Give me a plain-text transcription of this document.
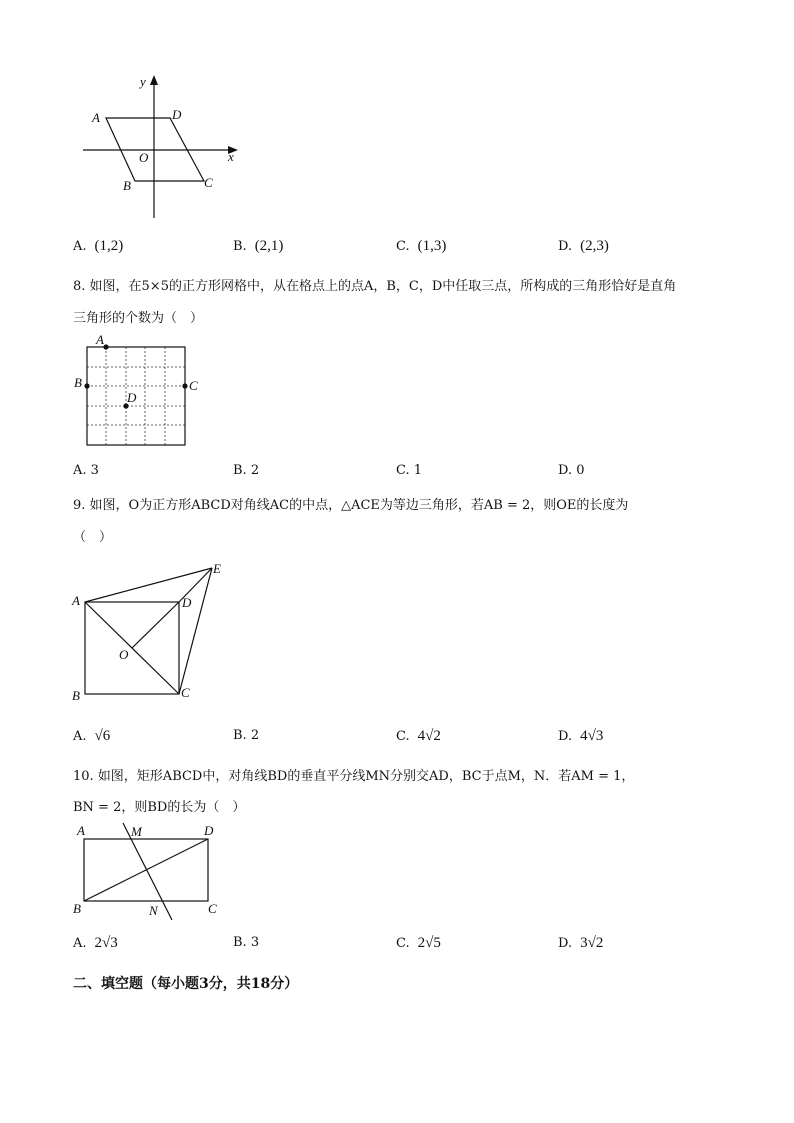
y
x
A	D
O
B	C
A. (1,2)	B. (2,1)	C. (1,3)	D. (2,3)
8. 如图，在5×5的正方形网格中，从在格点上的点A，B，C，D中任取三点，所构成的三角形恰好是直角
三角形的个数为（　）
A
B	C
D
A. 3	B. 2	C. 1	D. 0
9. 如图，O为正方形ABCD对角线AC的中点，△ACE为等边三角形，若AB = 2，则OE的长度为
（　）
A	D
E
O
B	C
A. √6	B. 2	C. 4√2	D. 4√3
10. 如图，矩形ABCD中，对角线BD的垂直平分线MN分别交AD，BC于点M，N．若AM = 1，
BN = 2，则BD的长为（　）
A	M	D
B	N	C
A. 2√3	B. 3	C. 2√5	D. 3√2
二、填空题（每小题3分，共18分）
